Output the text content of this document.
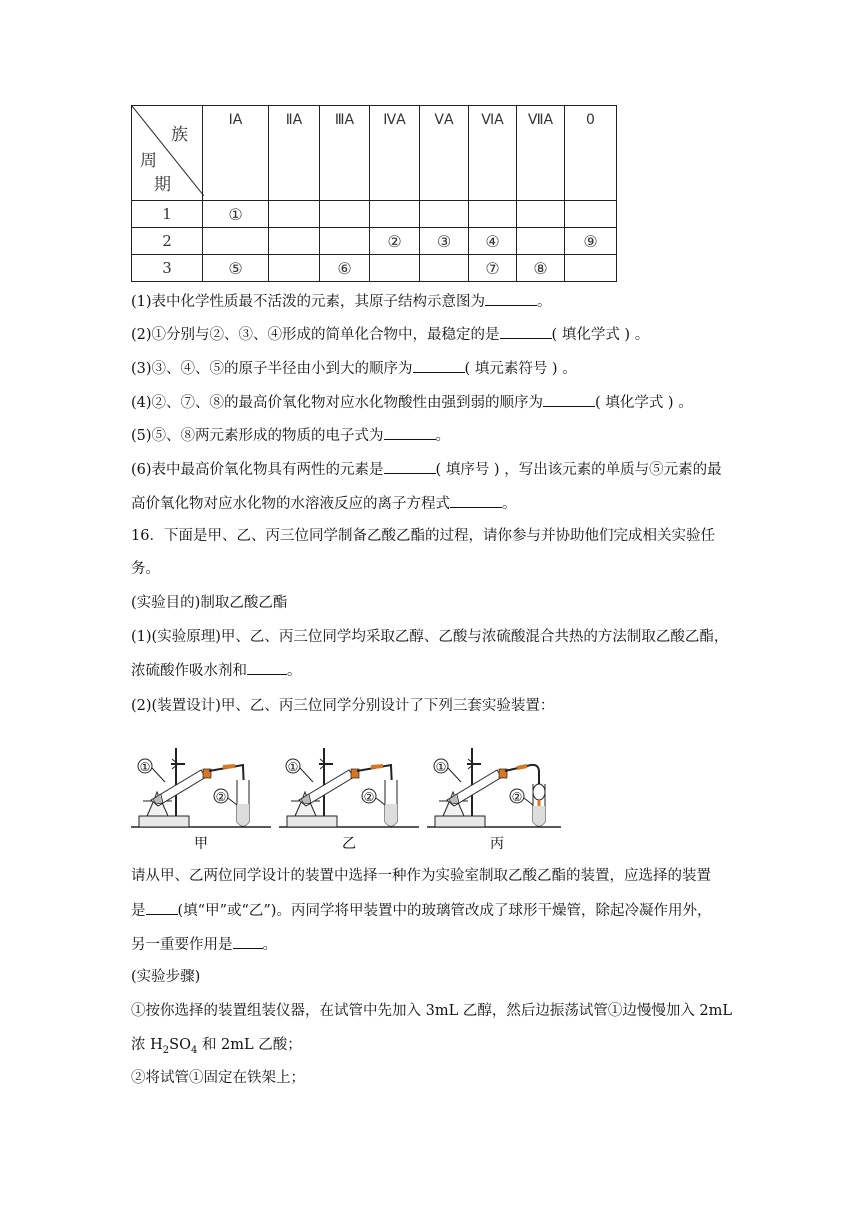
族
周
期	ⅠA	ⅡA	ⅢA	ⅣA	ⅤA	ⅥA	ⅦA	0
1	①							
2				②	③	④		⑨
3	⑤		⑥			⑦	⑧	
(1)表中化学性质最不活泼的元素，其原子结构示意图为	。
(2)①分别与②、③、④形成的简单化合物中，最稳定的是	( 填化学式 ) 。
(3)③、④、⑤的原子半径由小到大的顺序为	( 填元素符号 ) 。
(4)②、⑦、⑧的最高价氧化物对应水化物酸性由强到弱的顺序为	( 填化学式 ) 。
(5)⑤、⑧两元素形成的物质的电子式为	。
(6)表中最高价氧化物具有两性的元素是	( 填序号 ) ，写出该元素的单质与⑤元素的最
高价氧化物对应水化物的水溶液反应的离子方程式	。
16．下面是甲、乙、丙三位同学制备乙酸乙酯的过程，请你参与并协助他们完成相关实验任
务。
(实验目的)制取乙酸乙酯
(1)(实验原理)甲、乙、丙三位同学均采取乙醇、乙酸与浓硫酸混合共热的方法制取乙酸乙酯，
浓硫酸作吸水剂和	。
(2)(装置设计)甲、乙、丙三位同学分别设计了下列三套实验装置：
①
②
甲
①
②
乙
①
②
丙
请从甲、乙两位同学设计的装置中选择一种作为实验室制取乙酸乙酯的装置，应选择的装置
是 (填“甲”或“乙”)。丙同学将甲装置中的玻璃管改成了球形干燥管，除起冷凝作用外，
另一重要作用是 。
(实验步骤)
①按你选择的装置组装仪器，在试管中先加入 3mL 乙醇，然后边振荡试管①边慢慢加入 2mL
浓 $H_2SO_4$ 和 2mL 乙酸；
②将试管①固定在铁架上；
